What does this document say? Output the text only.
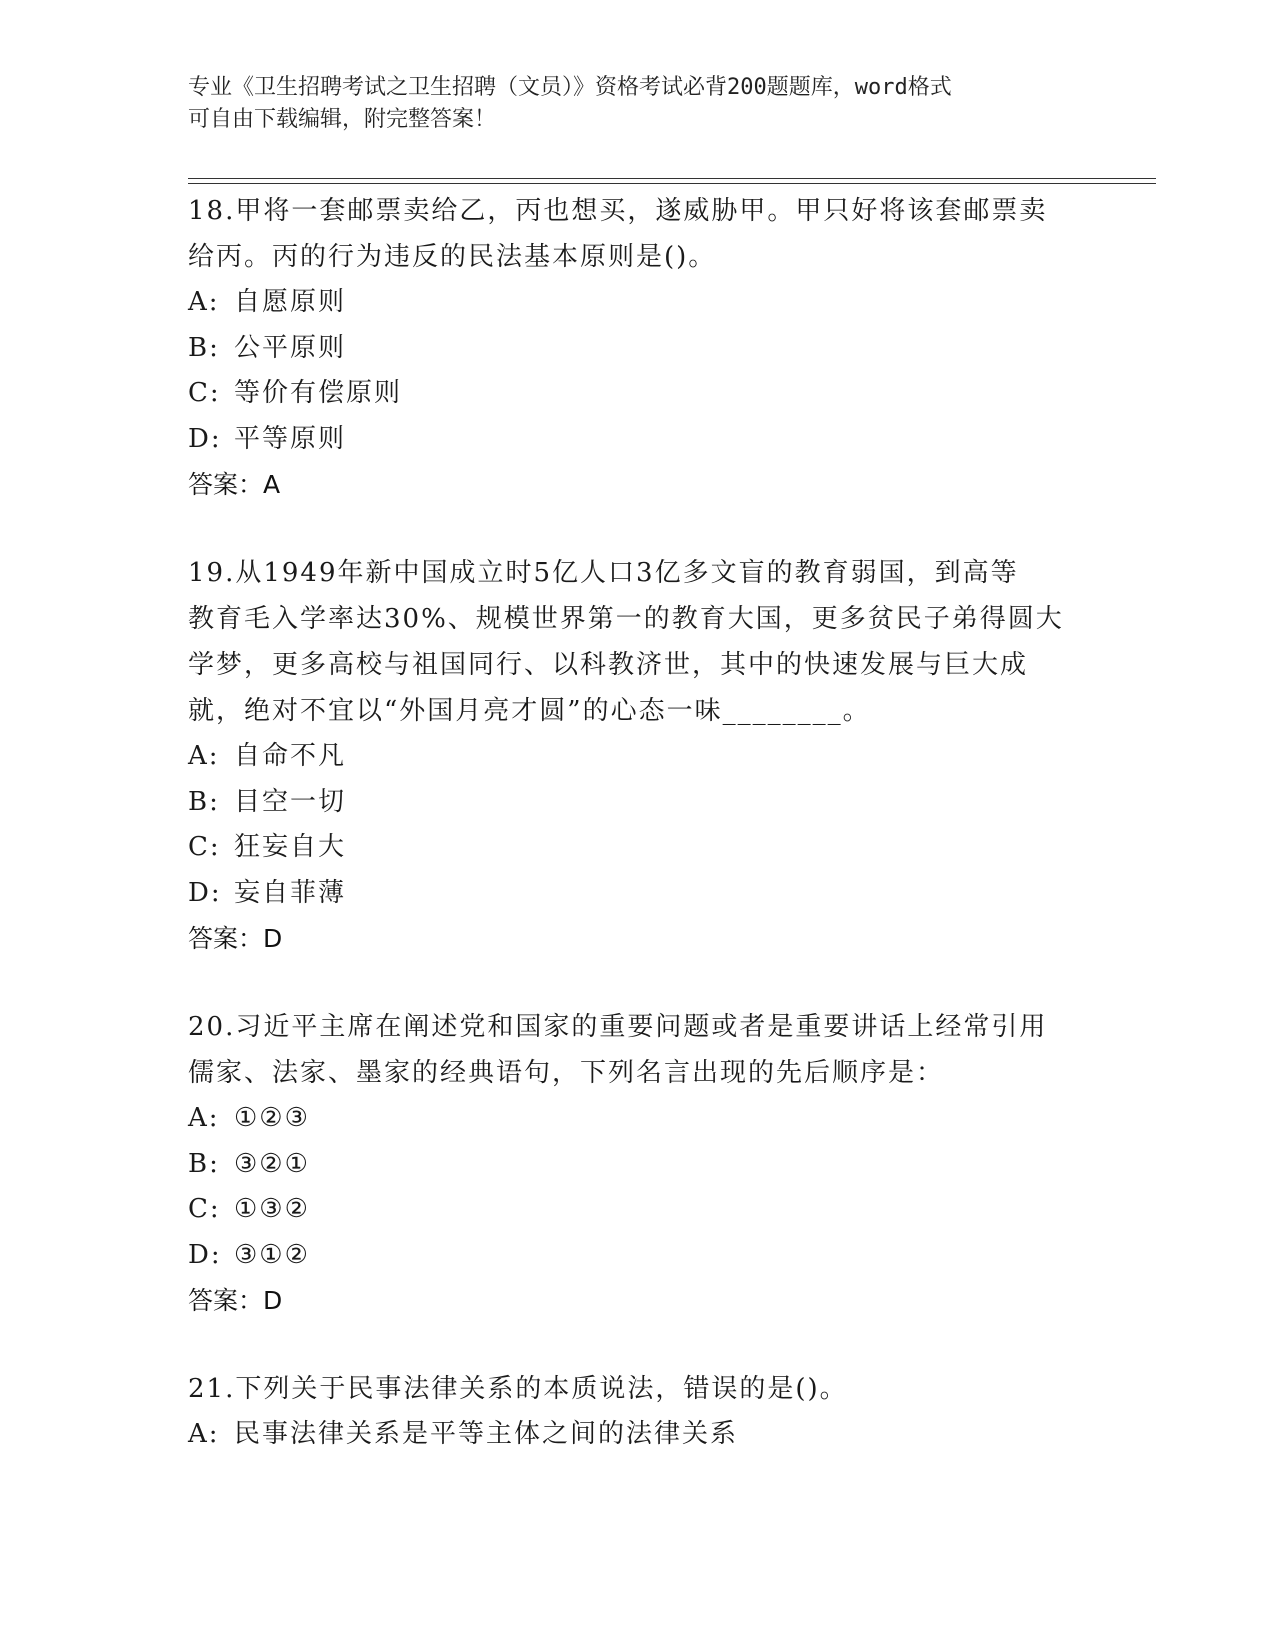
专业《卫生招聘考试之卫生招聘（文员）》资格考试必背200题题库，word格式
可自由下载编辑，附完整答案！

18.甲将一套邮票卖给乙，丙也想买，遂威胁甲。甲只好将该套邮票卖

给丙。丙的行为违反的民法基本原则是()。

A: 自愿原则

B: 公平原则

C: 等价有偿原则

D: 平等原则

答案：A

19.从1949年新中国成立时5亿人口3亿多文盲的教育弱国，到高等

教育毛入学率达30%、规模世界第一的教育大国，更多贫民子弟得圆大

学梦，更多高校与祖国同行、以科教济世，其中的快速发展与巨大成

就，绝对不宜以“外国月亮才圆”的心态一味________。

A: 自命不凡

B: 目空一切

C: 狂妄自大

D: 妄自菲薄

答案：D

20.习近平主席在阐述党和国家的重要问题或者是重要讲话上经常引用

儒家、法家、墨家的经典语句，下列名言出现的先后顺序是：

A: ①②③

B: ③②①

C: ①③②

D: ③①②

答案：D

21.下列关于民事法律关系的本质说法，错误的是()。

A: 民事法律关系是平等主体之间的法律关系
